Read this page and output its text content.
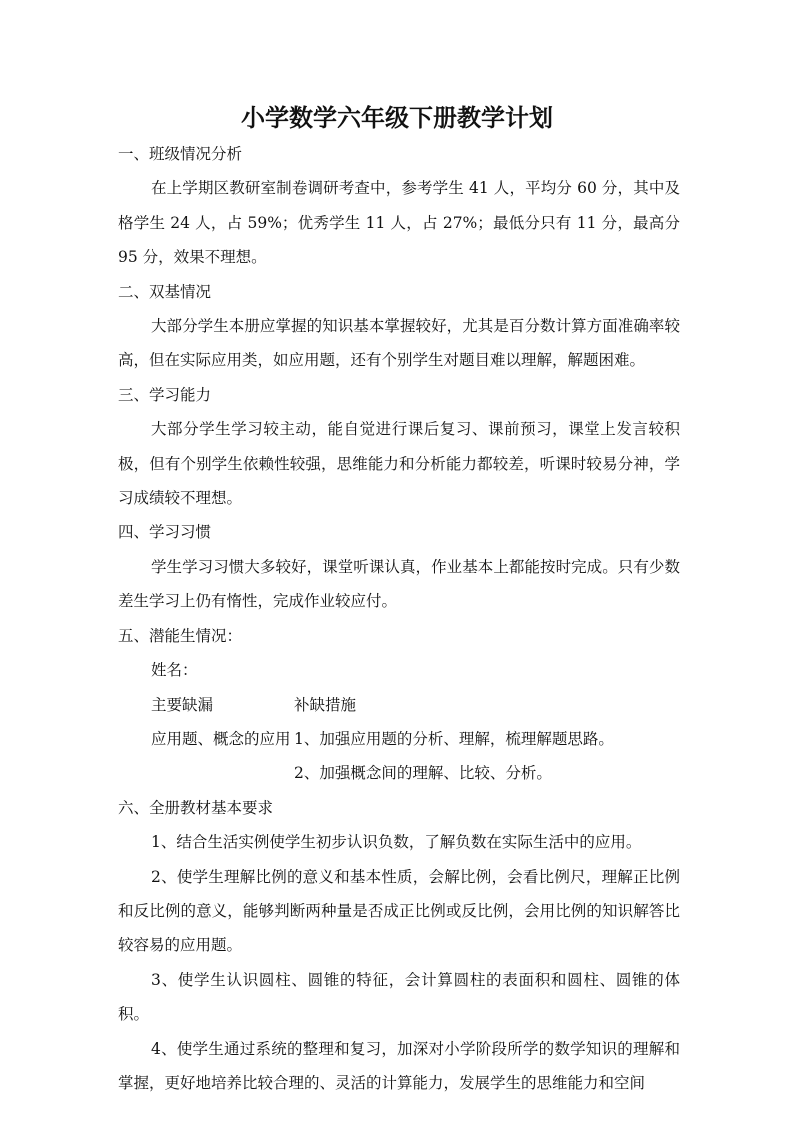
小学数学六年级下册教学计划

一、班级情况分析

在上学期区教研室制卷调研考查中，参考学生 41 人，平均分 60 分，其中及格学生 24 人，占 59%；优秀学生 11 人，占 27%；最低分只有 11 分，最高分 95 分，效果不理想。

二、双基情况

大部分学生本册应掌握的知识基本掌握较好，尤其是百分数计算方面准确率较高，但在实际应用类，如应用题，还有个别学生对题目难以理解，解题困难。

三、学习能力

大部分学生学习较主动，能自觉进行课后复习、课前预习，课堂上发言较积极，但有个别学生依赖性较强，思维能力和分析能力都较差，听课时较易分神，学习成绩较不理想。

四、学习习惯

学生学习习惯大多较好，课堂听课认真，作业基本上都能按时完成。只有少数差生学习上仍有惰性，完成作业较应付。

五、潜能生情况：

姓名：

主要缺漏	补缺措施
应用题、概念的应用 1、加强应用题的分析、理解，梳理解题思路。
2、加强概念间的理解、比较、分析。

六、全册教材基本要求

1、结合生活实例使学生初步认识负数，了解负数在实际生活中的应用。

2、使学生理解比例的意义和基本性质，会解比例，会看比例尺，理解正比例和反比例的意义，能够判断两种量是否成正比例或反比例，会用比例的知识解答比较容易的应用题。

3、使学生认识圆柱、圆锥的特征，会计算圆柱的表面积和圆柱、圆锥的体积。

4、使学生通过系统的整理和复习，加深对小学阶段所学的数学知识的理解和掌握，更好地培养比较合理的、灵活的计算能力，发展学生的思维能力和空间
